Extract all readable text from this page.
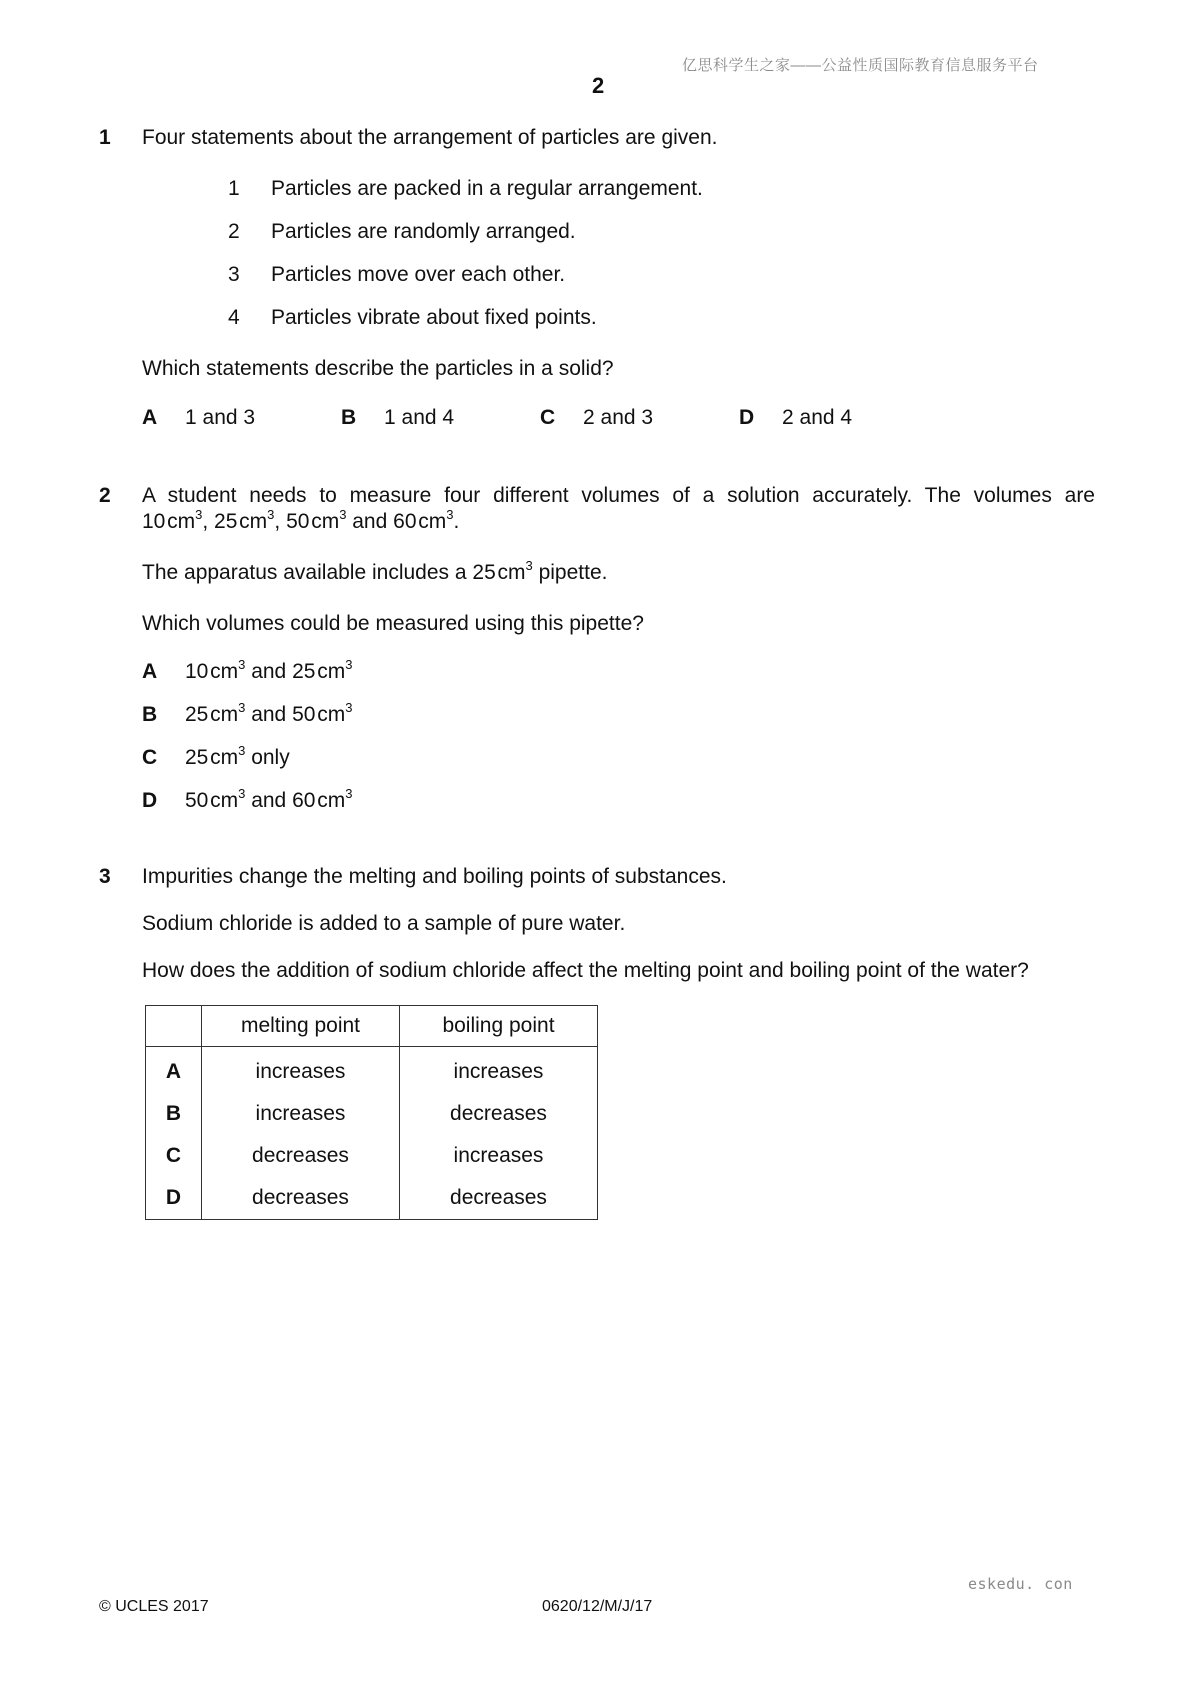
亿思科学生之家——公益性质国际教育信息服务平台
2
1 Four statements about the arrangement of particles are given.
1 Particles are packed in a regular arrangement.
2 Particles are randomly arranged.
3 Particles move over each other.
4 Particles vibrate about fixed points.
Which statements describe the particles in a solid?
A 1 and 3	B 1 and 4	C 2 and 3	D 2 and 4
2 A student needs to measure four different volumes of a solution accurately. The volumes are
10 $cm^3$, 25 $cm^3$, 50 $cm^3$ and 60 $cm^3$.
The apparatus available includes a 25 $cm^3$ pipette.
Which volumes could be measured using this pipette?
A 10 $cm^3$ and 25 $cm^3$
B 25 $cm^3$ and 50 $cm^3$
C 25 $cm^3$ only
D 50 $cm^3$ and 60 $cm^3$
3 Impurities change the melting and boiling points of substances.
Sodium chloride is added to a sample of pure water.
How does the addition of sodium chloride affect the melting point and boiling point of the water?
	melting point	boiling point
A	increases	increases
B	increases	decreases
C	decreases	increases
D	decreases	decreases
eskedu. con
© UCLES 2017	0620/12/M/J/17
